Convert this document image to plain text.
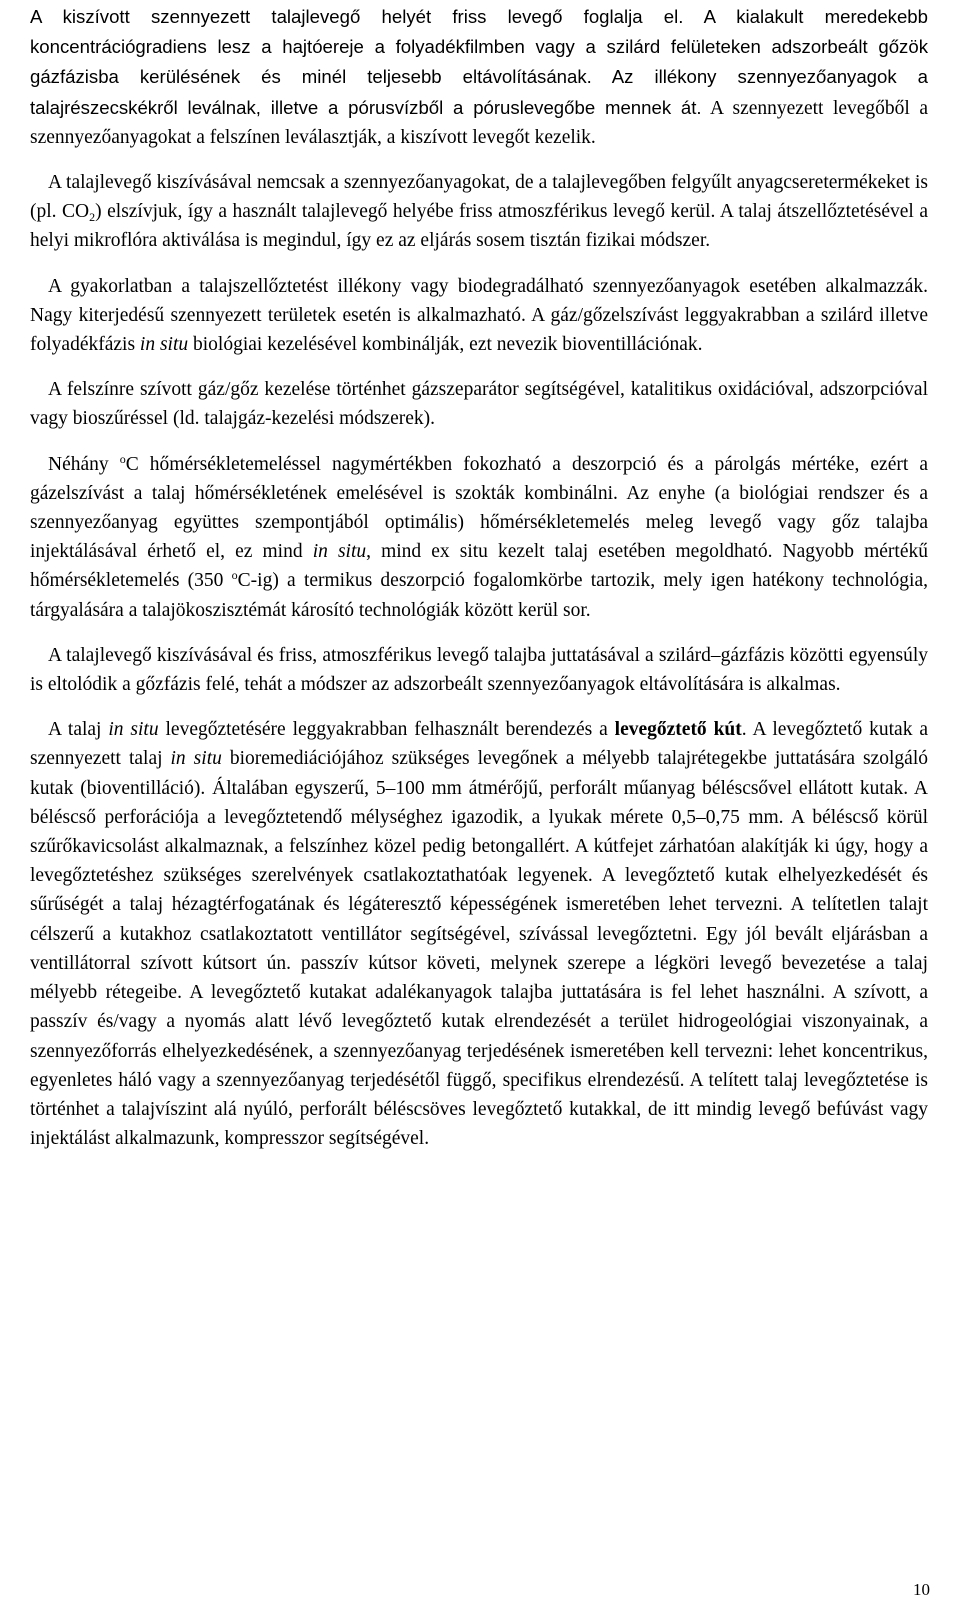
A kiszívott szennyezett talajlevegő helyét friss levegő foglalja el. A kialakult meredekebb koncentrációgradiens lesz a hajtóereje a folyadékfilmben vagy a szilárd felületeken adszorbeált gőzök gázfázisba kerülésének és minél teljesebb eltávolításának. Az illékony szennyezőanyagok a talajrészecskékről leválnak, illetve a pórusvízből a póruslevegőbe mennek át. A szennyezett levegőből a szennyezőanyagokat a felszínen leválasztják, a kiszívott levegőt kezelik.

A talajlevegő kiszívásával nemcsak a szennyezőanyagokat, de a talajlevegőben felgyűlt anyagcseretermékeket is (pl. $CO_2$) elszívjuk, így a használt talajlevegő helyébe friss atmoszférikus levegő kerül. A talaj átszellőztetésével a helyi mikroflóra aktiválása is megindul, így ez az eljárás sosem tisztán fizikai módszer.

A gyakorlatban a talajszellőztetést illékony vagy biodegradálható szennyezőanyagok esetében alkalmazzák. Nagy kiterjedésű szennyezett területek esetén is alkalmazható. A gáz/gőzelszívást leggyakrabban a szilárd illetve folyadékfázis in situ biológiai kezelésével kombinálják, ezt nevezik bioventillációnak.

A felszínre szívott gáz/gőz kezelése történhet gázszeparátor segítségével, katalitikus oxidációval, adszorpcióval vagy bioszűréssel (ld. talajgáz-kezelési módszerek).

Néhány $^o$C hőmérsékletemeléssel nagymértékben fokozható a deszorpció és a párolgás mértéke, ezért a gázelszívást a talaj hőmérsékletének emelésével is szokták kombinálni. Az enyhe (a biológiai rendszer és a szennyezőanyag együttes szempontjából optimális) hőmérsékletemelés meleg levegő vagy gőz talajba injektálásával érhető el, ez mind in situ, mind ex situ kezelt talaj esetében megoldható. Nagyobb mértékű hőmérsékletemelés (350 $^o$C-ig) a termikus deszorpció fogalomkörbe tartozik, mely igen hatékony technológia, tárgyalására a talajökoszisztémát károsító technológiák között kerül sor.

A talajlevegő kiszívásával és friss, atmoszférikus levegő talajba juttatásával a szilárd–gázfázis közötti egyensúly is eltolódik a gőzfázis felé, tehát a módszer az adszorbeált szennyezőanyagok eltávolítására is alkalmas.

A talaj in situ levegőztetésére leggyakrabban felhasznált berendezés a levegőztető kút. A levegőztető kutak a szennyezett talaj in situ bioremediációjához szükséges levegőnek a mélyebb talajrétegekbe juttatására szolgáló kutak (bioventilláció). Általában egyszerű, 5–100 mm átmérőjű, perforált műanyag béléscsővel ellátott kutak. A béléscső perforációja a levegőztetendő mélységhez igazodik, a lyukak mérete 0,5–0,75 mm. A béléscső körül szűrőkavicsolást alkalmaznak, a felszínhez közel pedig betongallért. A kútfejet zárhatóan alakítják ki úgy, hogy a levegőztetéshez szükséges szerelvények csatlakoztathatóak legyenek. A levegőztető kutak elhelyezkedését és sűrűségét a talaj hézagtérfogatának és légáteresztő képességének ismeretében lehet tervezni. A telítetlen talajt célszerű a kutakhoz csatlakoztatott ventillátor segítségével, szívással levegőztetni. Egy jól bevált eljárásban a ventillátorral szívott kútsort ún. passzív kútsor követi, melynek szerepe a légköri levegő bevezetése a talaj mélyebb rétegeibe. A levegőztető kutakat adalékanyagok talajba juttatására is fel lehet használni. A szívott, a passzív és/vagy a nyomás alatt lévő levegőztető kutak elrendezését a terület hidrogeológiai viszonyainak, a szennyezőforrás elhelyezkedésének, a szennyezőanyag terjedésének ismeretében kell tervezni: lehet koncentrikus, egyenletes háló vagy a szennyezőanyag terjedésétől függő, specifikus elrendezésű. A telített talaj levegőztetése is történhet a talajvíszint alá nyúló, perforált béléscsöves levegőztető kutakkal, de itt mindig levegő befúvást vagy injektálást alkalmazunk, kompresszor segítségével.

10
